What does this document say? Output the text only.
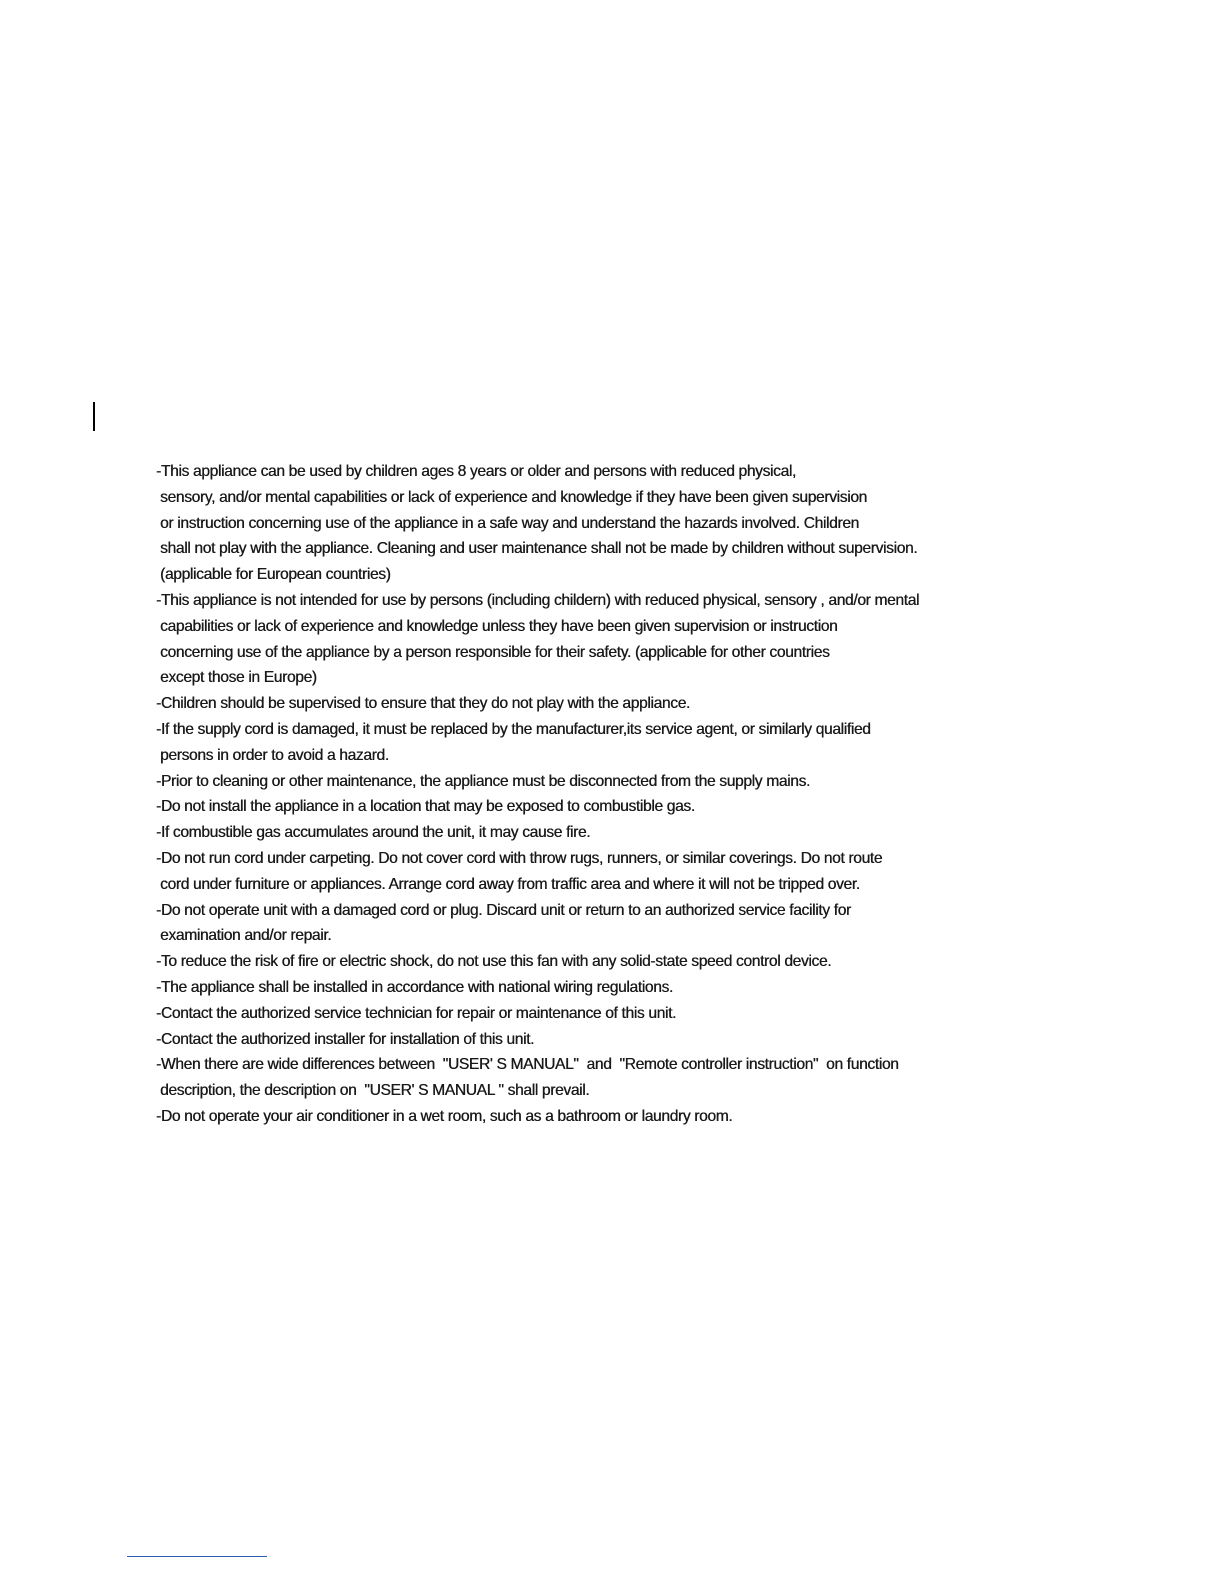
-This appliance can be used by children ages 8 years or older and persons with reduced physical,
sensory, and/or mental capabilities or lack of experience and knowledge if they have been given supervision
or instruction concerning use of the appliance in a safe way and understand the hazards involved. Children
shall not play with the appliance. Cleaning and user maintenance shall not be made by children without supervision.
(applicable for European countries)
-This appliance is not intended for use by persons (including childern) with reduced physical, sensory , and/or mental
capabilities or lack of experience and knowledge unless they have been given supervision or instruction
concerning use of the appliance by a person responsible for their safety. (applicable for other countries
except those in Europe)
-Children should be supervised to ensure that they do not play with the appliance.
-If the supply cord is damaged, it must be replaced by the manufacturer,its service agent, or similarly qualified
persons in order to avoid a hazard.
-Prior to cleaning or other maintenance, the appliance must be disconnected from the supply mains.
-Do not install the appliance in a location that may be exposed to combustible gas.
-If combustible gas accumulates around the unit, it may cause fire.
-Do not run cord under carpeting. Do not cover cord with throw rugs, runners, or similar coverings. Do not route
cord under furniture or appliances. Arrange cord away from traffic area and where it will not be tripped over.
-Do not operate unit with a damaged cord or plug. Discard unit or return to an authorized service facility for
examination and/or repair.
-To reduce the risk of fire or electric shock, do not use this fan with any solid-state speed control device.
-The appliance shall be installed in accordance with national wiring regulations.
-Contact the authorized service technician for repair or maintenance of this unit.
-Contact the authorized installer for installation of this unit.
-When there are wide differences between  "USER' S MANUAL"  and  "Remote controller instruction"  on function
description, the description on  "USER' S MANUAL " shall prevail.
-Do not operate your air conditioner in a wet room, such as a bathroom or laundry room.
